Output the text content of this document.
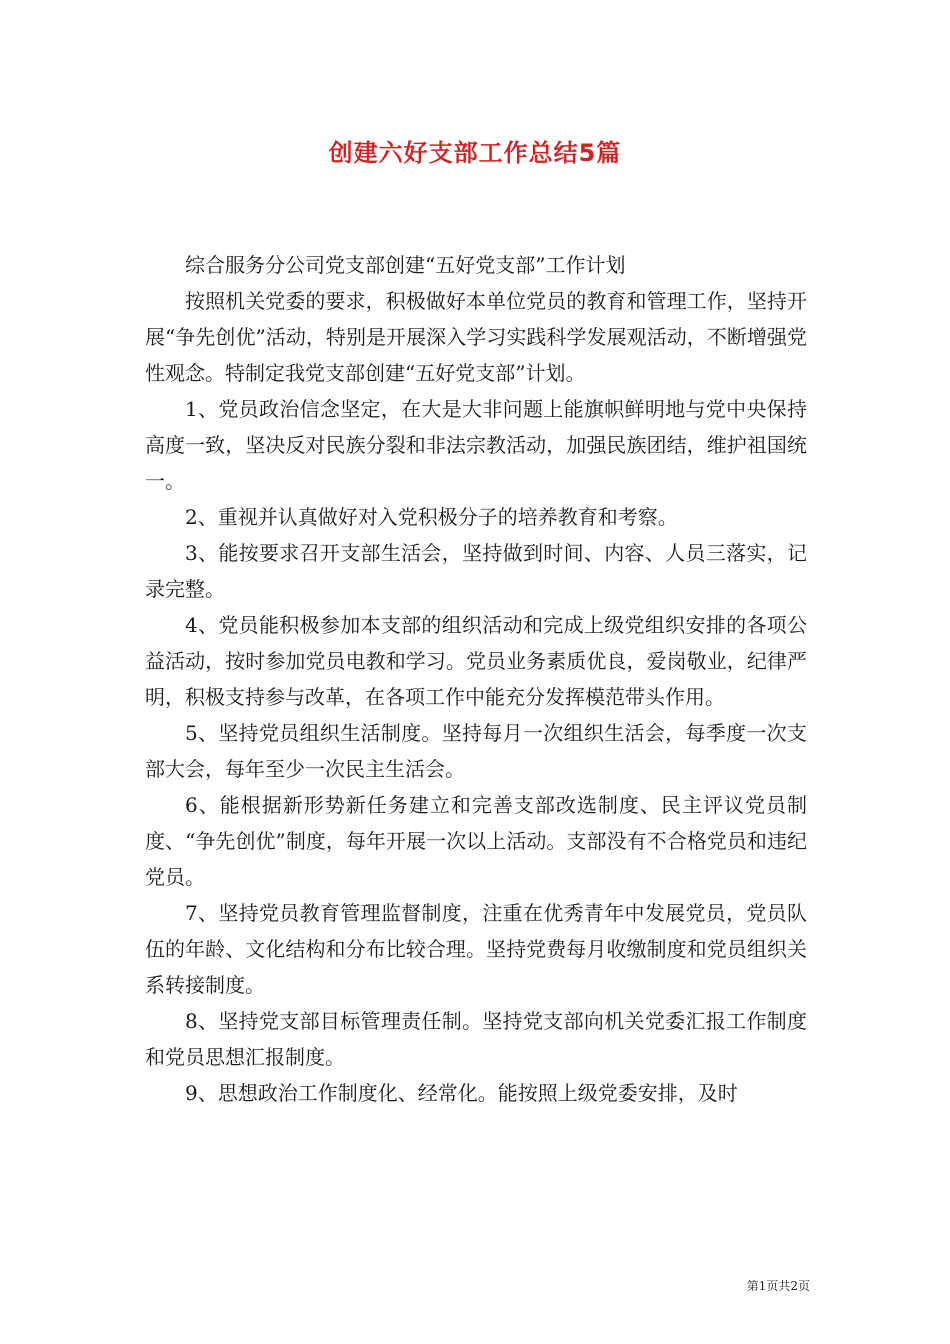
创建六好支部工作总结5篇

综合服务分公司党支部创建“五好党支部”工作计划

按照机关党委的要求，积极做好本单位党员的教育和管理工作，坚持开展“争先创优”活动，特别是开展深入学习实践科学发展观活动，不断增强党性观念。特制定我党支部创建“五好党支部”计划。

1、党员政治信念坚定，在大是大非问题上能旗帜鲜明地与党中央保持高度一致，坚决反对民族分裂和非法宗教活动，加强民族团结，维护祖国统一。

2、重视并认真做好对入党积极分子的培养教育和考察。

3、能按要求召开支部生活会，坚持做到时间、内容、人员三落实，记录完整。

4、党员能积极参加本支部的组织活动和完成上级党组织安排的各项公益活动，按时参加党员电教和学习。党员业务素质优良，爱岗敬业，纪律严明，积极支持参与改革，在各项工作中能充分发挥模范带头作用。

5、坚持党员组织生活制度。坚持每月一次组织生活会，每季度一次支部大会，每年至少一次民主生活会。

6、能根据新形势新任务建立和完善支部改选制度、民主评议党员制度、“争先创优”制度，每年开展一次以上活动。支部没有不合格党员和违纪党员。

7、坚持党员教育管理监督制度，注重在优秀青年中发展党员，党员队伍的年龄、文化结构和分布比较合理。坚持党费每月收缴制度和党员组织关系转接制度。

8、坚持党支部目标管理责任制。坚持党支部向机关党委汇报工作制度和党员思想汇报制度。

9、思想政治工作制度化、经常化。能按照上级党委安排，及时

第1页共2页
